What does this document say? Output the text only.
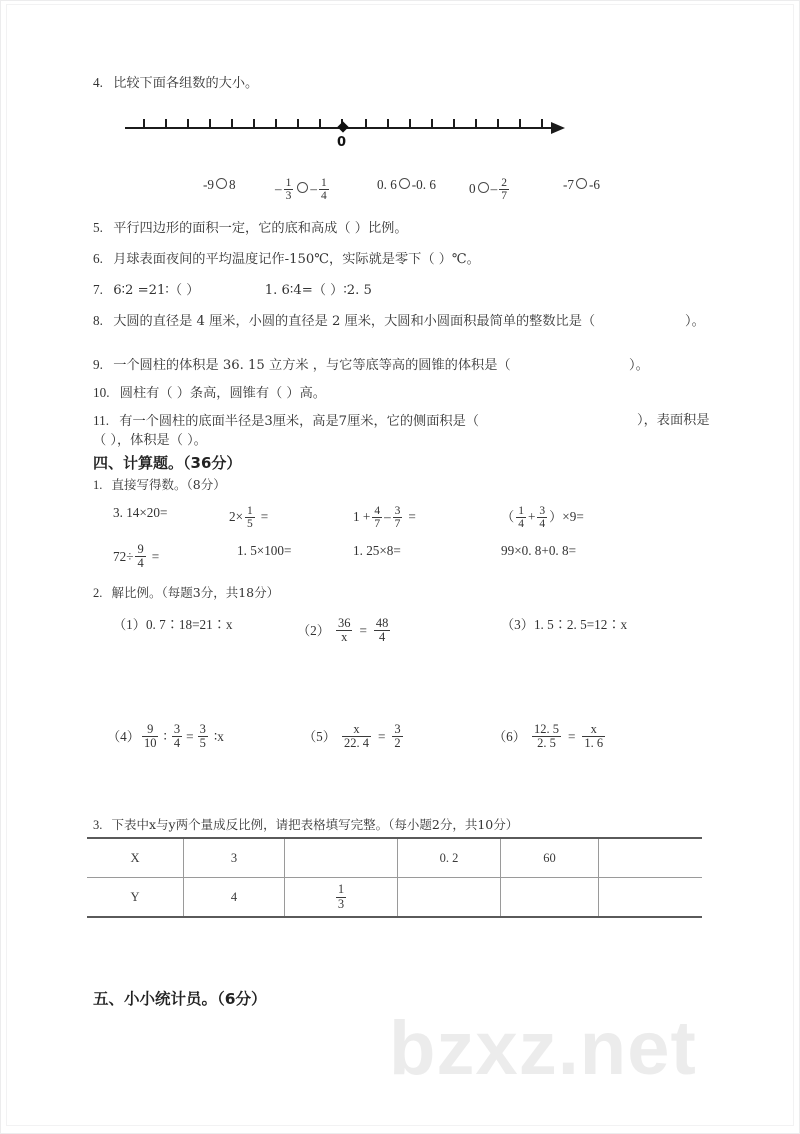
bzxz.net
4. 比较下面各组数的大小。
0
-9 8	– $\frac{1}{3} - \frac{1}{4}$	0. 6 -0. 6	$0 - \frac{2}{7}$	-7 -6
5. 平行四边形的面积一定，它的底和高成（ ）比例。
6. 月球表面夜间的平均温度记作-150℃，实际就是零下（ ）℃。
7. 6∶2 =21∶（ ）	1. 6∶4=（ ）∶2. 5
8. 大圆的直径是 4 厘米，小圆的直径是 2 厘米，大圆和小圆面积最简单的整数比是（	）。
9. 一个圆柱的体积是 36. 15 立方米 ，与它等底等高的圆锥的体积是（	）。
10. 圆柱有（ ）条高，圆锥有（ ）高。
11. 有一个圆柱的底面半径是3厘米，高是7厘米，它的侧面积是（	），表面积是
（ ），体积是（ ）。
四、计算题。（36分）
1. 直接写得数。（8分）
3. 14×20=	$2\times \frac{1}{5}$ =	$1 + \frac{4}{7} - \frac{3}{7}$ =	（ $\frac{1}{4} + \frac{3}{4} )\times 9=$
$72\div \frac{9}{4}$ =	1. 5×100=	1. 25×8=	99×0. 8+0. 8=
2. 解比例。（每题3分，共18分）
（1）0. 7∶18=21∶x	$(2) \frac{36}{x} = \frac{48}{4}$	（3）1. 5∶2. 5=12∶x
$(4) \frac{9}{10}$ ∶ $\frac{3}{4} = \frac{3}{5}$ ∶x	$(5) \frac{x}{22. 4} = \frac{3}{2}$	$(6) \frac{12. 5}{2. 5} = \frac{x}{1. 6}$
3. 下表中x与y两个量成反比例，请把表格填写完整。（每小题2分，共10分）
X	3		0. 2	60	
Y	4	$\frac{1}{3}$

五、小小统计员。（6分）
